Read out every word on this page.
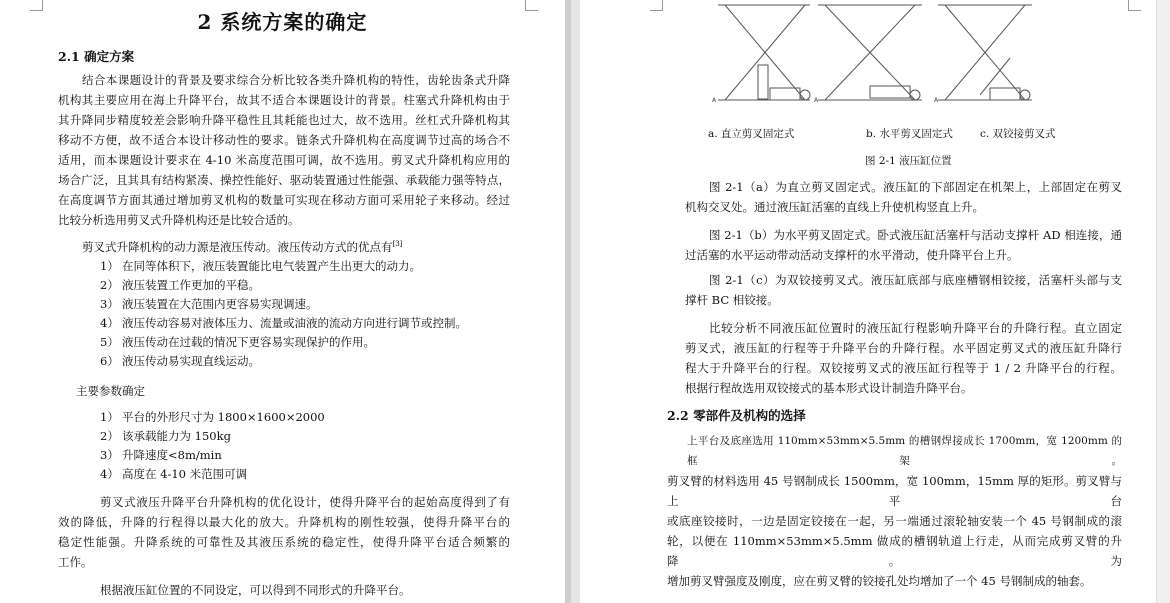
2 系统方案的确定
2.1 确定方案
结合本课题设计的背景及要求综合分析比较各类升降机构的特性，齿轮齿条式升降
机构其主要应用在海上升降平台，故其不适合本课题设计的背景。柱塞式升降机构由于
其升降同步精度较差会影响升降平稳性且其耗能也过大，故不选用。丝杠式升降机构其
移动不方便，故不适合本设计移动性的要求。链条式升降机构在高度调节过高的场合不
适用，而本课题设计要求在 4-10 米高度范围可调，故不选用。剪叉式升降机构应用的
场合广泛，且其具有结构紧凑、操控性能好、驱动装置通过性能强、承载能力强等特点，
在高度调节方面其通过增加剪叉机构的数量可实现在移动方面可采用轮子来移动。经过
比较分析选用剪叉式升降机构还是比较合适的。
剪叉式升降机构的动力源是液压传动。液压传动方式的优点有[3]
1） 在同等体积下，液压装置能比电气装置产生出更大的动力。
2） 液压装置工作更加的平稳。
3） 液压装置在大范围内更容易实现调速。
4） 液压传动容易对液体压力、流量或油液的流动方向进行调节或控制。
5） 液压传动在过载的情况下更容易实现保护的作用。
6） 液压传动易实现直线运动。
主要参数确定
1） 平台的外形尺寸为 1800×1600×2000
2） 该承载能力为 150kg
3） 升降速度<8m/min
4） 高度在 4-10 米范围可调
剪叉式液压升降平台升降机构的优化设计，使得升降平台的起始高度得到了有
效的降低，升降的行程得以最大化的放大。升降机构的刚性较强，使得升降平台的
稳定性能强。升降系统的可靠性及其液压系统的稳定性，使得升降平台适合频繁的
工作。
根据液压缸位置的不同设定，可以得到不同形式的升降平台。
A	A	A
a. 直立剪叉固定式	b. 水平剪叉固定式	c. 双铰接剪叉式
图 2-1 液压缸位置
图 2-1（a）为直立剪叉固定式。液压缸的下部固定在机架上，上部固定在剪叉
机构交叉处。通过液压缸活塞的直线上升使机构竖直上升。
图 2-1（b）为水平剪叉固定式。卧式液压缸活塞杆与活动支撑杆 AD 相连接，通
过活塞的水平运动带动活动支撑杆的水平滑动，使升降平台上升。
图 2-1（c）为双铰接剪叉式。液压缸底部与底座槽钢相铰接，活塞杆头部与支
撑杆 BC 相铰接。
比较分析不同液压缸位置时的液压缸行程影响升降平台的升降行程。直立固定
剪叉式，液压缸的行程等于升降平台的升降行程。水平固定剪叉式的液压缸升降行
程大于升降平台的行程。双铰接剪叉式的液压缸行程等于 1 / 2 升降平台的行程。
根据行程故选用双铰接式的基本形式设计制造升降平台。
2.2 零部件及机构的选择
上平台及底座选用 110mm×53mm×5.5mm 的槽钢焊接成长 1700mm，宽 1200mm 的框架。
剪叉臂的材料选用 45 号钢制成长 1500mm，宽 100mm，15mm 厚的矩形。剪叉臂与上平台
或底座铰接时，一边是固定铰接在一起，另一端通过滚轮轴安装一个 45 号钢制成的滚
轮，以便在 110mm×53mm×5.5mm 做成的槽钢轨道上行走，从而完成剪叉臂的升降。为
增加剪叉臂强度及刚度，应在剪叉臂的铰接孔处均增加了一个 45 号钢制成的轴套。
